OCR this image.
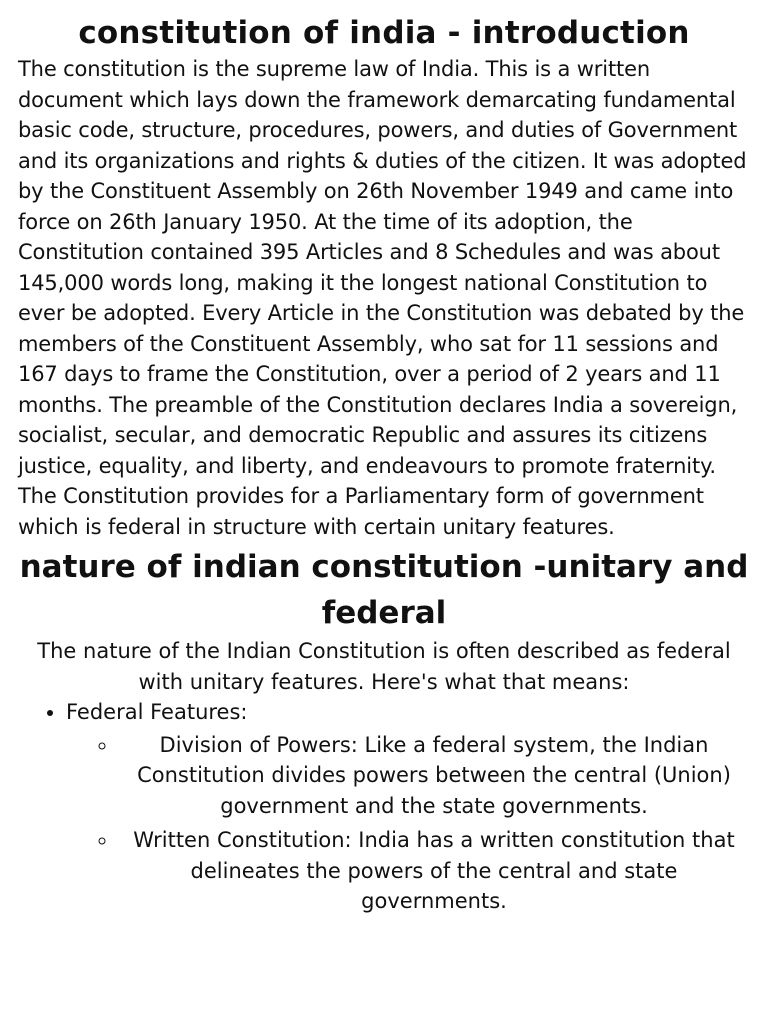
constitution of india - introduction

The constitution is the supreme law of India. This is a written document which lays down the framework demarcating fundamental basic code, structure, procedures, powers, and duties of Government and its organizations and rights & duties of the citizen. It was adopted by the Constituent Assembly on 26th November 1949 and came into force on 26th January 1950. At the time of its adoption, the Constitution contained 395 Articles and 8 Schedules and was about 145,000 words long, making it the longest national Constitution to ever be adopted. Every Article in the Constitution was debated by the members of the Constituent Assembly, who sat for 11 sessions and 167 days to frame the Constitution, over a period of 2 years and 11 months. The preamble of the Constitution declares India a sovereign, socialist, secular, and democratic Republic and assures its citizens justice, equality, and liberty, and endeavours to promote fraternity. The Constitution provides for a Parliamentary form of government which is federal in structure with certain unitary features.

nature of indian constitution -unitary and federal

The nature of the Indian Constitution is often described as federal with unitary features. Here's what that means:

• Federal Features:
◦ Division of Powers: Like a federal system, the Indian Constitution divides powers between the central (Union) government and the state governments.
◦ Written Constitution: India has a written constitution that delineates the powers of the central and state governments.
